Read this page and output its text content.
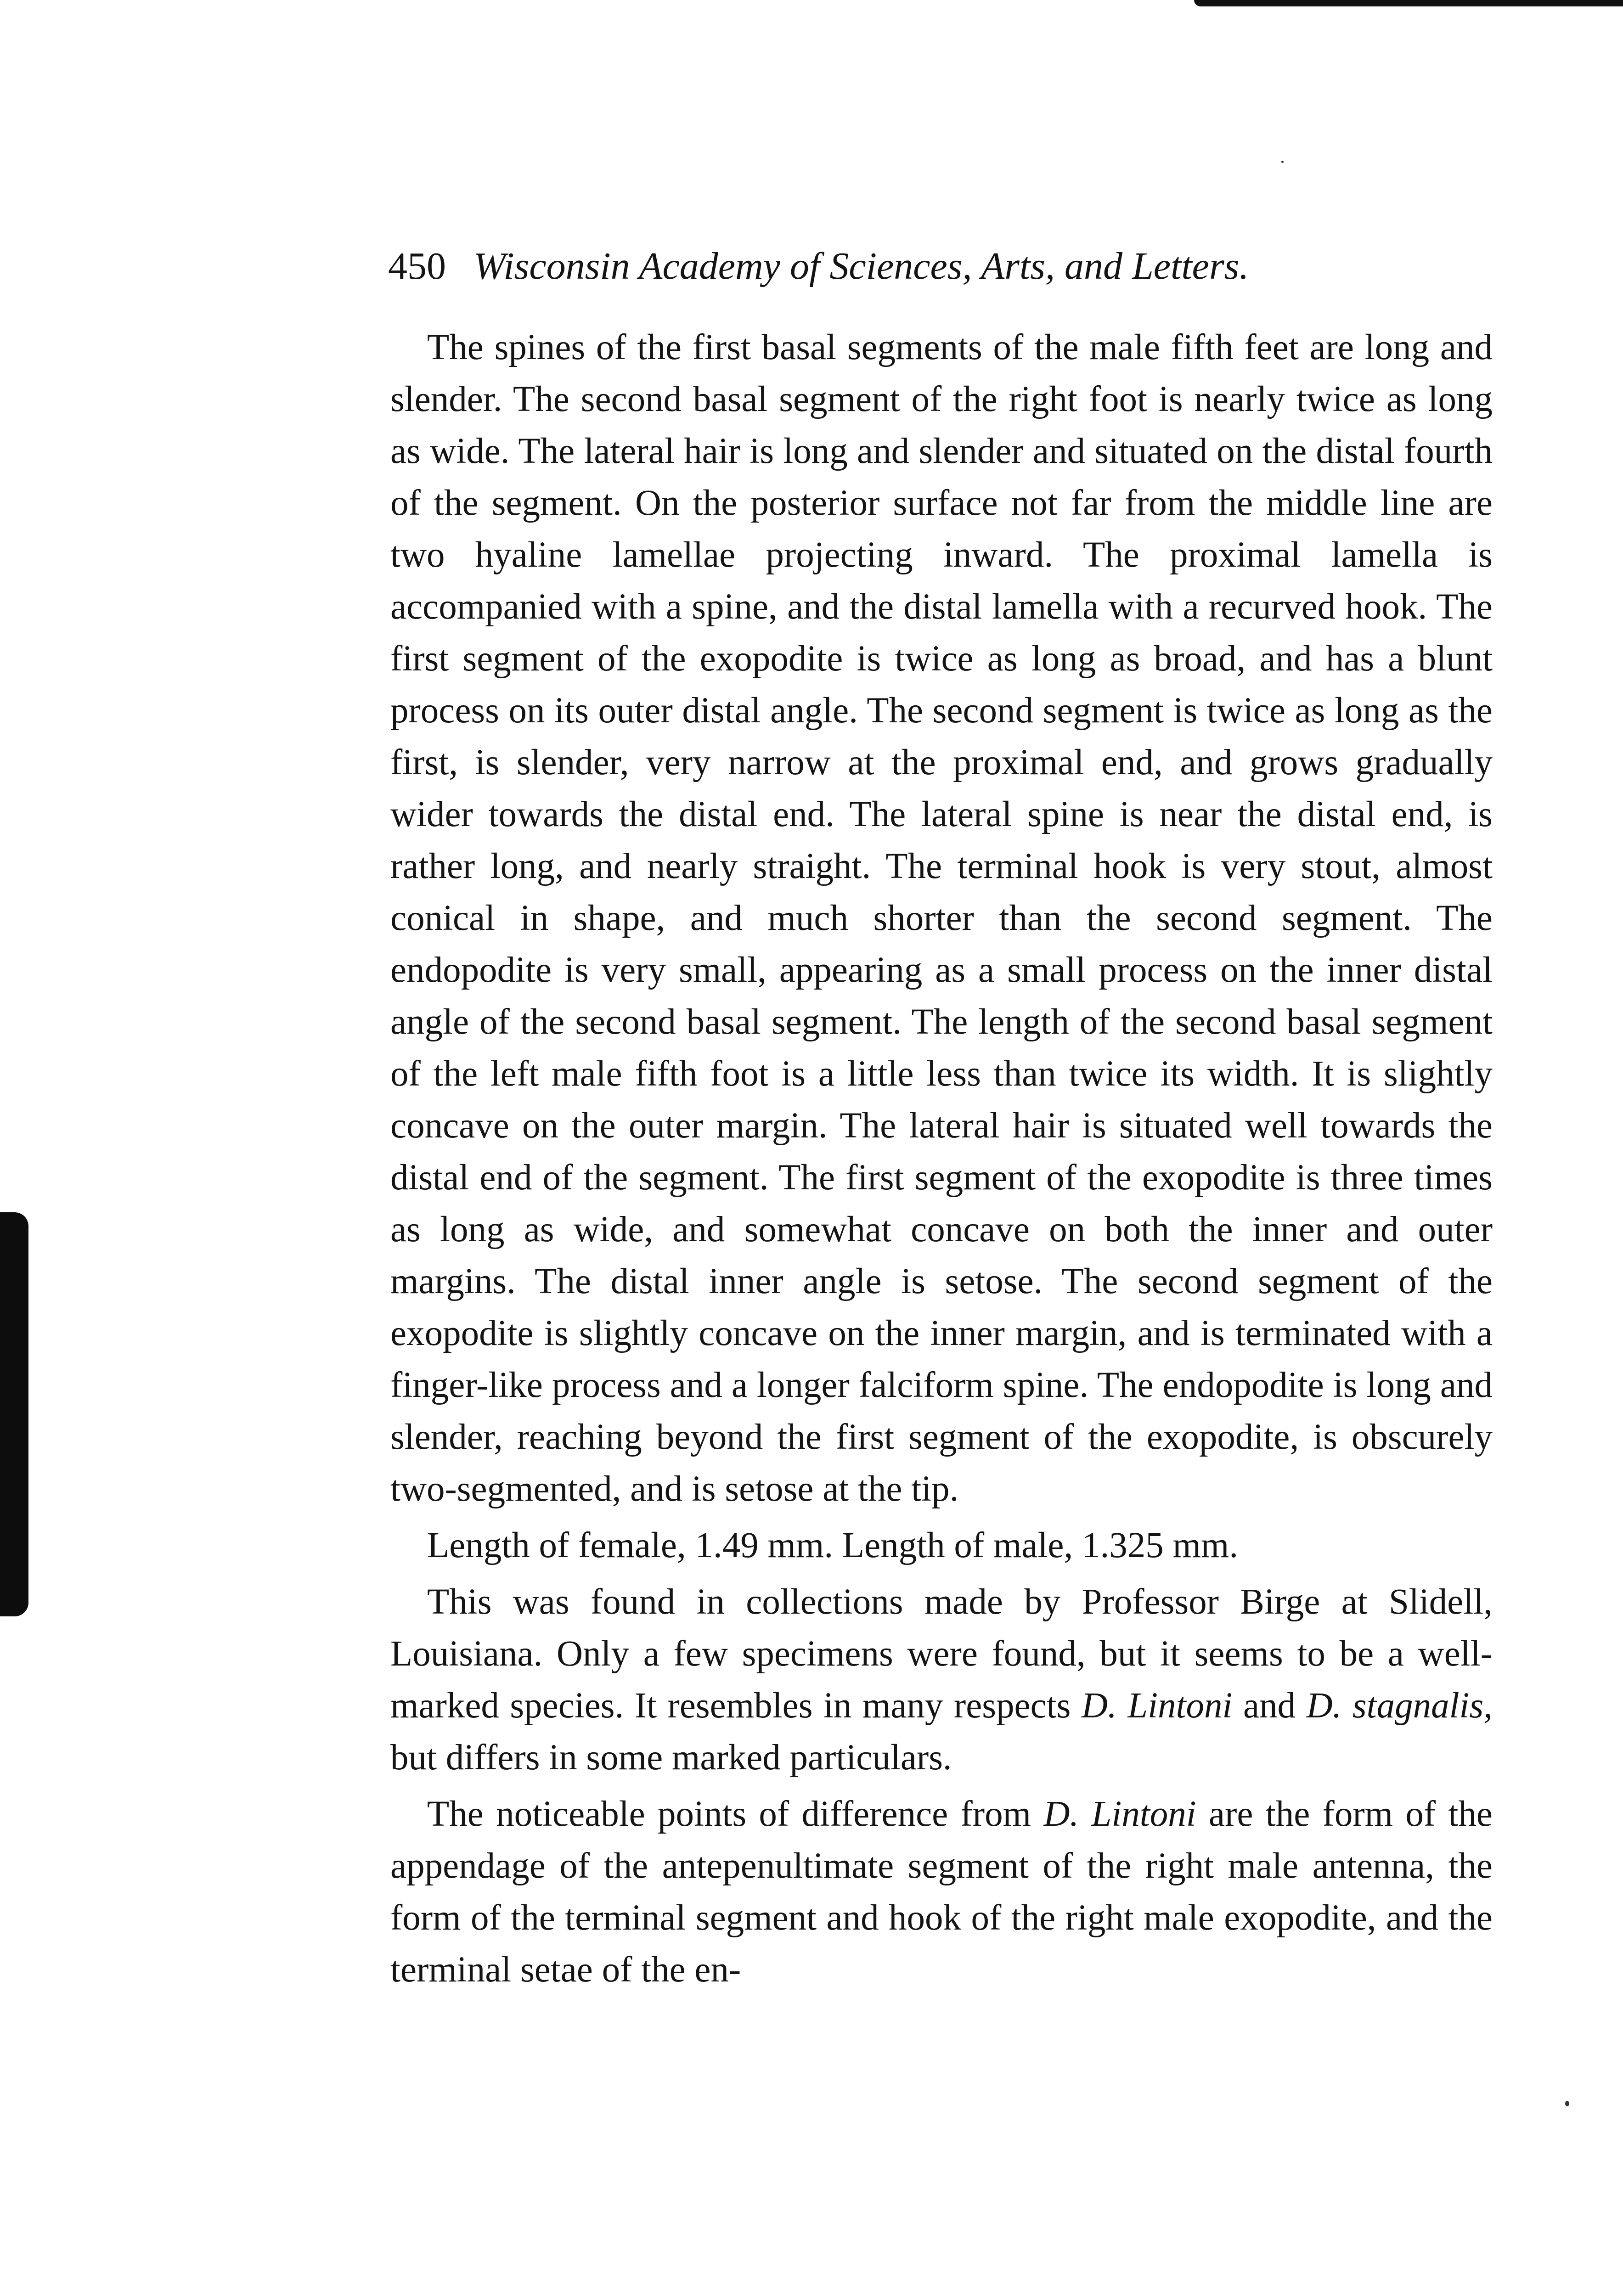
450 Wisconsin Academy of Sciences, Arts, and Letters.

The spines of the first basal segments of the male fifth feet are long and slender. The second basal segment of the right foot is nearly twice as long as wide. The lateral hair is long and slender and situated on the distal fourth of the segment. On the posterior surface not far from the middle line are two hyaline lamellae projecting inward. The proximal lamella is accompanied with a spine, and the distal lamella with a recurved hook. The first segment of the exopodite is twice as long as broad, and has a blunt process on its outer distal angle. The second segment is twice as long as the first, is slender, very narrow at the proximal end, and grows gradually wider towards the distal end. The lateral spine is near the distal end, is rather long, and nearly straight. The terminal hook is very stout, almost conical in shape, and much shorter than the second segment. The endopodite is very small, appearing as a small process on the inner distal angle of the second basal segment. The length of the second basal segment of the left male fifth foot is a little less than twice its width. It is slightly concave on the outer margin. The lateral hair is situated well towards the distal end of the segment. The first segment of the exopodite is three times as long as wide, and somewhat concave on both the inner and outer margins. The distal inner angle is setose. The second segment of the exopodite is slightly concave on the inner margin, and is terminated with a finger-like process and a longer falciform spine. The endopodite is long and slender, reaching beyond the first segment of the exopodite, is obscurely two-segmented, and is setose at the tip.

Length of female, 1.49 mm. Length of male, 1.325 mm.

This was found in collections made by Professor Birge at Slidell, Louisiana. Only a few specimens were found, but it seems to be a well-marked species. It resembles in many respects D. Lintoni and D. stagnalis, but differs in some marked particulars.

The noticeable points of difference from D. Lintoni are the form of the appendage of the antepenultimate segment of the right male antenna, the form of the terminal segment and hook of the right male exopodite, and the terminal setae of the en-
